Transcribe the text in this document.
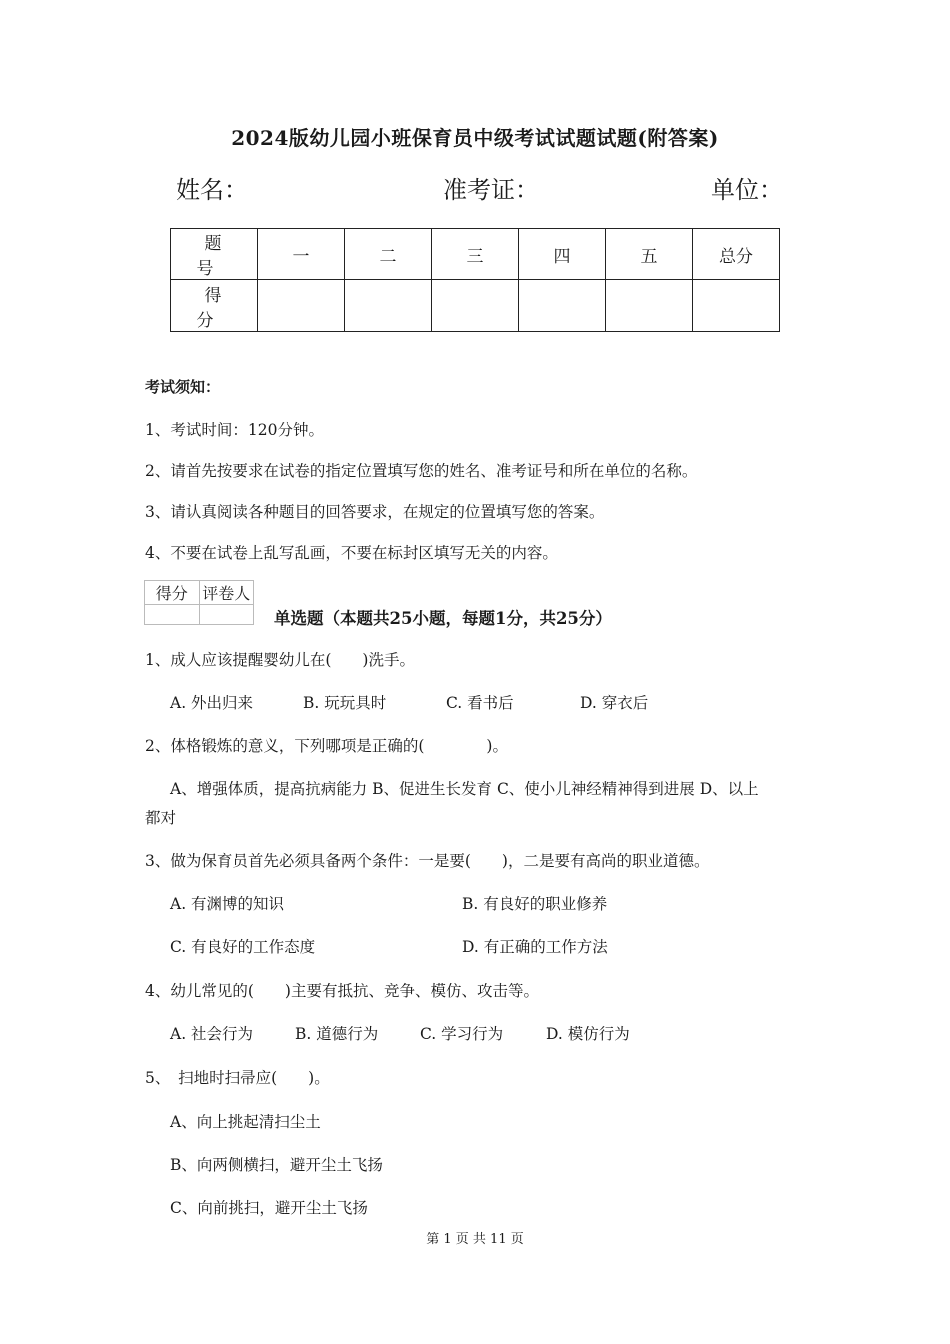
2024版幼儿园小班保育员中级考试试题试题(附答案)
姓名：	准考证：	单位：
题 号	一	二	三	四	五	总分
得 分						
考试须知：
1、考试时间：120分钟。
2、请首先按要求在试卷的指定位置填写您的姓名、准考证号和所在单位的名称。
3、请认真阅读各种题目的回答要求，在规定的位置填写您的答案。
4、不要在试卷上乱写乱画，不要在标封区填写无关的内容。
得分	评卷人

单选题（本题共25小题，每题1分，共25分）
1、成人应该提醒婴幼儿在(　　)洗手。
A. 外出归来	B. 玩玩具时	C. 看书后	D. 穿衣后
2、体格锻炼的意义，下列哪项是正确的(　　　　)。
A、增强体质，提高抗病能力 B、促进生长发育 C、使小儿神经精神得到进展 D、以上
都对
3、做为保育员首先必须具备两个条件：一是要(　　)，二是要有高尚的职业道德。
A. 有渊博的知识	B. 有良好的职业修养
C. 有良好的工作态度	D. 有正确的工作方法
4、幼儿常见的(　　)主要有抵抗、竞争、模仿、攻击等。
A. 社会行为	B. 道德行为	C. 学习行为	D. 模仿行为
5、　扫地时扫帚应(　　)。
A、向上挑起清扫尘土
B、向两侧横扫，避开尘土飞扬
C、向前挑扫，避开尘土飞扬
第 1 页 共 11 页
